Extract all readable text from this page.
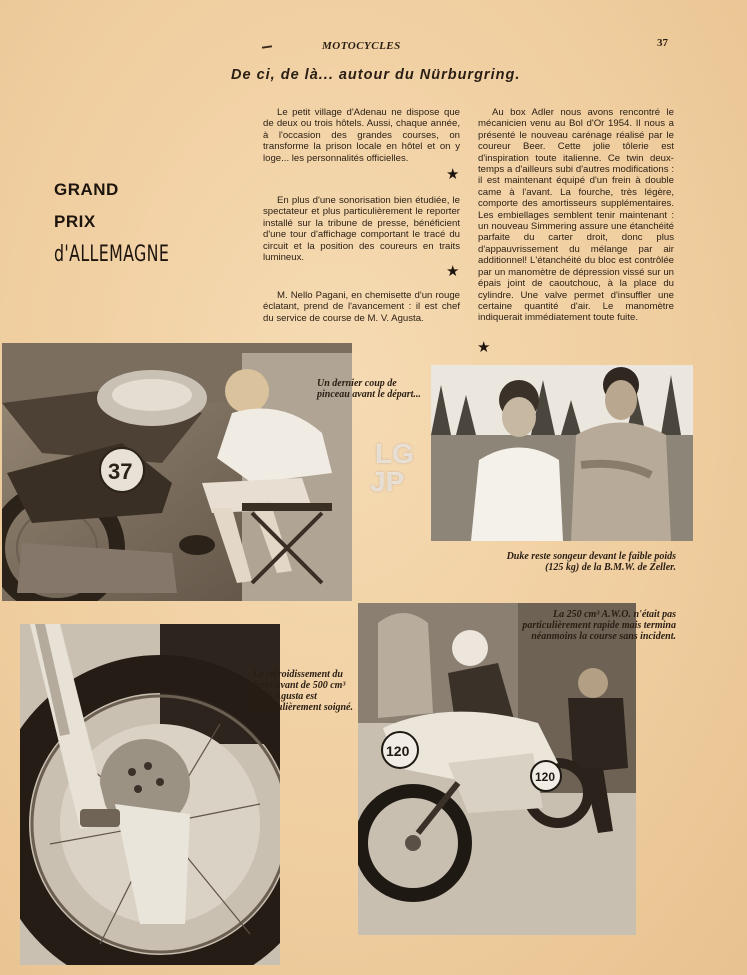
MOTOCYCLES	37
De ci, de là... autour du Nürburgring.
GRAND
PRIX
d'ALLEMAGNE

Le petit village d'Adenau ne dispose que de deux ou trois hôtels. Aussi, chaque année, à l'occasion des grandes courses, on transforme la prison locale en hôtel et on y loge... les personnalités officielles.

★

En plus d'une sonorisation bien étudiée, le spectateur et plus particulièrement le reporter installé sur la tribune de presse, bénéficient d'une tour d'affichage comportant le tracé du circuit et la position des coureurs en traits lumineux.

★

M. Nello Pagani, en chemisette d'un rouge éclatant, prend de l'avancement : il est chef du service de course de M. V. Agusta.

Au box Adler nous avons rencontré le mécanicien venu au Bol d'Or 1954. Il nous a présenté le nouveau carénage réalisé par le coureur Beer. Cette jolie tôlerie est d'inspiration toute italienne. Ce twin deux-temps a d'ailleurs subi d'autres modifications : il est maintenant équipé d'un frein à double came à l'avant. La fourche, très légère, comporte des amortisseurs supplémentaires. Les embiellages semblent tenir maintenant : un nouveau Simmering assure une étanchéité parfaite du carter droit, donc plus d'appauvrissement du mélange par air additionnel! L'étanchéité du bloc est contrôlée par un manomètre de dépression vissé sur un épais joint de caoutchouc, à la place du cylindre. Une valve permet d'insuffler une certaine quantité d'air. Le manomètre indiquerait immédiatement toute fuite.

★
37
Un dernier coup de pinceau avant le départ...
Duke reste songeur devant le faible poids (125 kg) de la B.M.W. de Zeller.
Le refroidissement du frein avant de 500 cm³ M.V. Agusta est particulièrement soigné.
120
120
La 250 cm³ A.W.O. n'était pas particulièrement rapide mais termina néanmoins la course sans incident.
LG
JP
